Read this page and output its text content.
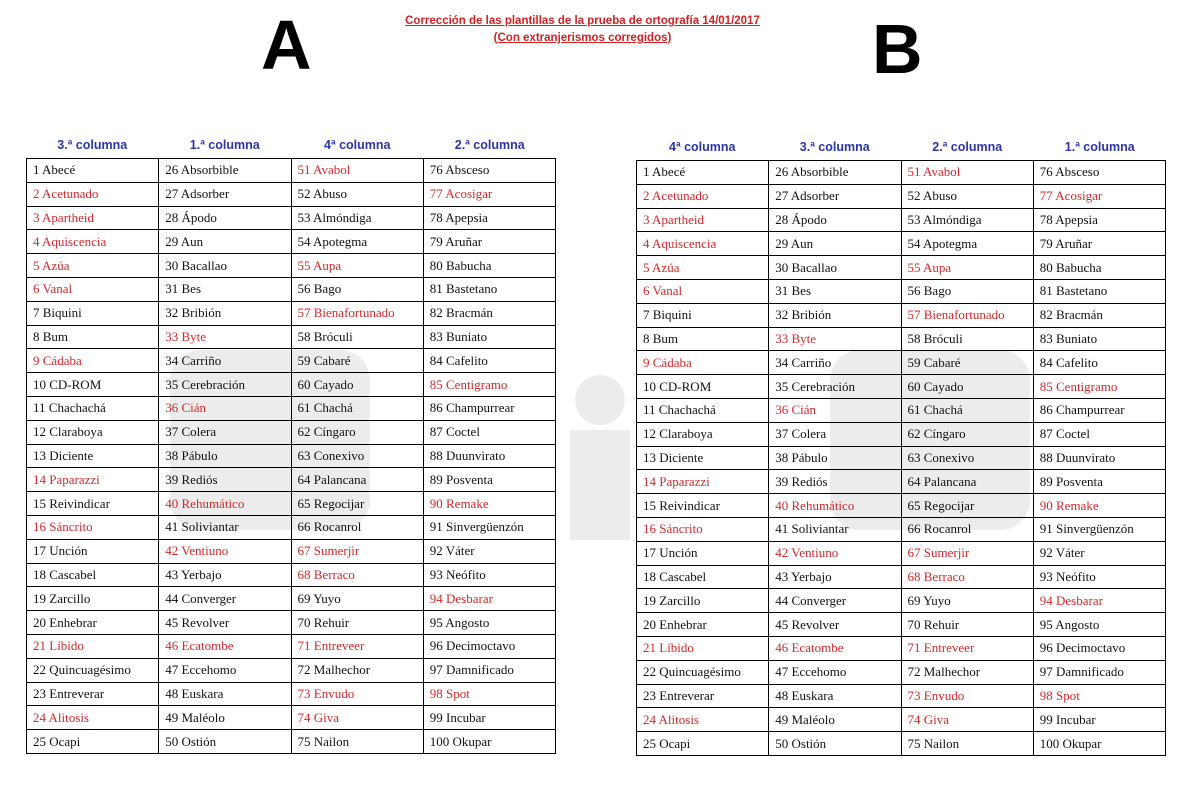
Corrección de las plantillas de la prueba de ortografía 14/01/2017
(Con extranjerismos corregidos)
A	B
3.ª columna	1.ª columna	4ª columna	2.ª columna
1 Abecé	26 Absorbible	51 Avabol	76 Absceso
2 Acetunado	27 Adsorber	52 Abuso	77 Acosigar
3 Apartheid	28 Ápodo	53 Almóndiga	78 Apepsia
4 Aquiscencia	29 Aun	54 Apotegma	79 Aruñar
5 Azúa	30 Bacallao	55 Aupa	80 Babucha
6 Vanal	31 Bes	56 Bago	81 Bastetano
7 Biquini	32 Bribión	57 Bienafortunado	82 Bracmán
8 Bum	33 Byte	58 Bróculi	83 Buniato
9 Cádaba	34 Carriño	59 Cabaré	84 Cafelito
10 CD-ROM	35 Cerebración	60 Cayado	85 Centigramo
11 Chachachá	36 Cián	61 Chachá	86 Champurrear
12 Claraboya	37 Colera	62 Cíngaro	87 Coctel
13 Diciente	38 Pábulo	63 Conexivo	88 Duunvirato
14 Paparazzi	39 Rediós	64 Palancana	89 Posventa
15 Reivindicar	40 Rehumático	65 Regocijar	90 Remake
16 Sáncrito	41 Soliviantar	66 Rocanrol	91 Sinvergüenzón
17 Unción	42 Ventiuno	67 Sumerjir	92 Váter
18 Cascabel	43 Yerbajo	68 Berraco	93 Neófito
19 Zarcillo	44 Converger	69 Yuyo	94 Desbarar
20 Enhebrar	45 Revolver	70 Rehuir	95 Angosto
21 Líbido	46 Ecatombe	71 Entreveer	96 Decimoctavo
22 Quincuagésimo	47 Eccehomo	72 Malhechor	97 Damnificado
23 Entreverar	48 Euskara	73 Envudo	98 Spot
24 Alitosis	49 Maléolo	74 Giva	99 Incubar
25 Ocapi	50 Ostión	75 Nailon	100 Okupar
4ª columna	3.ª columna	2.ª columna	1.ª columna
1 Abecé	26 Absorbible	51 Avabol	76 Absceso
2 Acetunado	27 Adsorber	52 Abuso	77 Acosigar
3 Apartheid	28 Ápodo	53 Almóndiga	78 Apepsia
4 Aquiscencia	29 Aun	54 Apotegma	79 Aruñar
5 Azúa	30 Bacallao	55 Aupa	80 Babucha
6 Vanal	31 Bes	56 Bago	81 Bastetano
7 Biquini	32 Bribión	57 Bienafortunado	82 Bracmán
8 Bum	33 Byte	58 Bróculi	83 Buniato
9 Cádaba	34 Carriño	59 Cabaré	84 Cafelito
10 CD-ROM	35 Cerebración	60 Cayado	85 Centigramo
11 Chachachá	36 Cián	61 Chachá	86 Champurrear
12 Claraboya	37 Colera	62 Cíngaro	87 Coctel
13 Diciente	38 Pábulo	63 Conexivo	88 Duunvirato
14 Paparazzi	39 Rediós	64 Palancana	89 Posventa
15 Reivindicar	40 Rehumático	65 Regocijar	90 Remake
16 Sáncrito	41 Soliviantar	66 Rocanrol	91 Sinvergüenzón
17 Unción	42 Ventiuno	67 Sumerjir	92 Váter
18 Cascabel	43 Yerbajo	68 Berraco	93 Neófito
19 Zarcillo	44 Converger	69 Yuyo	94 Desbarar
20 Enhebrar	45 Revolver	70 Rehuir	95 Angosto
21 Líbido	46 Ecatombe	71 Entreveer	96 Decimoctavo
22 Quincuagésimo	47 Eccehomo	72 Malhechor	97 Damnificado
23 Entreverar	48 Euskara	73 Envudo	98 Spot
24 Alitosis	49 Maléolo	74 Giva	99 Incubar
25 Ocapi	50 Ostión	75 Nailon	100 Okupar
